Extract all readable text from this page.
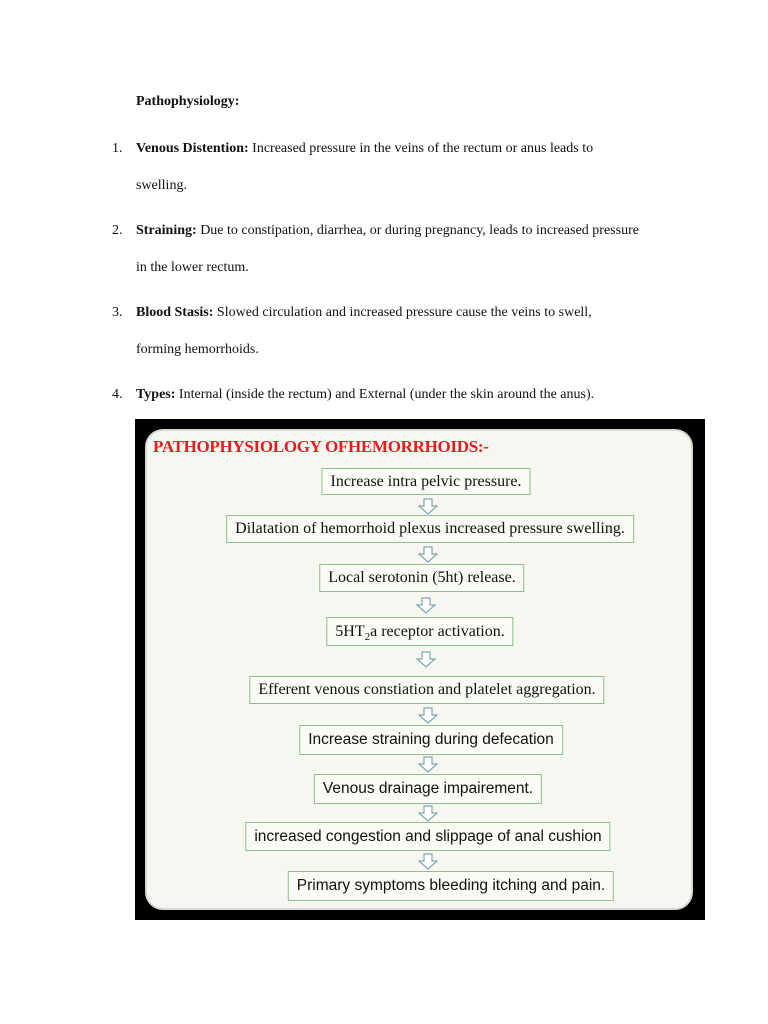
Pathophysiology:
1. Venous Distention: Increased pressure in the veins of the rectum or anus leads to
swelling.
2. Straining: Due to constipation, diarrhea, or during pregnancy, leads to increased pressure
in the lower rectum.
3. Blood Stasis: Slowed circulation and increased pressure cause the veins to swell,
forming hemorrhoids.
4. Types: Internal (inside the rectum) and External (under the skin around the anus).
PATHOPHYSIOLOGY OFHEMORRHOIDS:-
Increase intra pelvic pressure.
Dilatation of hemorrhoid plexus increased pressure swelling.
Local serotonin (5ht) release.
$5HT_2a$ receptor activation.
Efferent venous constiation and platelet aggregation.
Increase straining during defecation
Venous drainage impairement.
increased congestion and slippage of anal cushion
Primary symptoms bleeding itching and pain.
